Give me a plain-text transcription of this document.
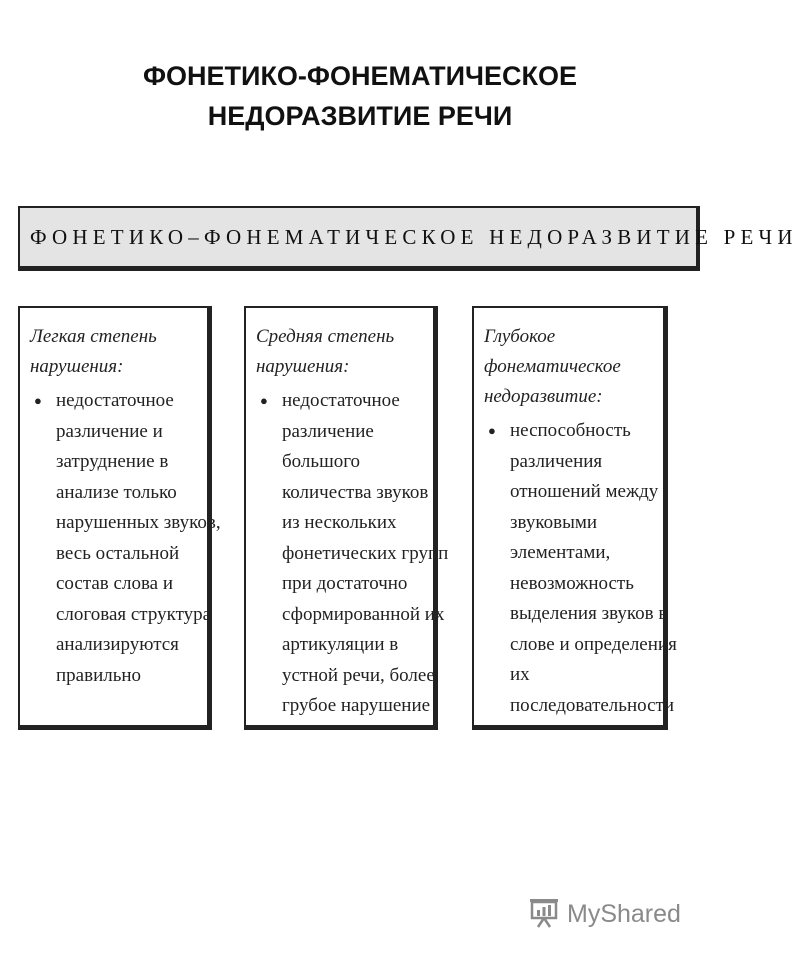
ФОНЕТИКО-ФОНЕМАТИЧЕСКОЕ
НЕДОРАЗВИТИЕ РЕЧИ
ФОНЕТИКО–ФОНЕМАТИЧЕСКОЕ НЕДОРАЗВИТИЕ РЕЧИ
Легкая степень
нарушения:
● недостаточное
различение и
затруднение в
анализе только
нарушенных звуков,
весь остальной
состав слова и
слоговая структура
анализируются
правильно
Средняя степень
нарушения:
● недостаточное
различение
большого
количества звуков
из нескольких
фонетических групп
при достаточно
сформированной их
артикуляции в
устной речи, более
грубое нарушение
Глубокое
фонематическое
недоразвитие:
● неспособность
различения
отношений между
звуковыми
элементами,
невозможность
выделения звуков в
слове и определения
их
последовательности
MyShared
